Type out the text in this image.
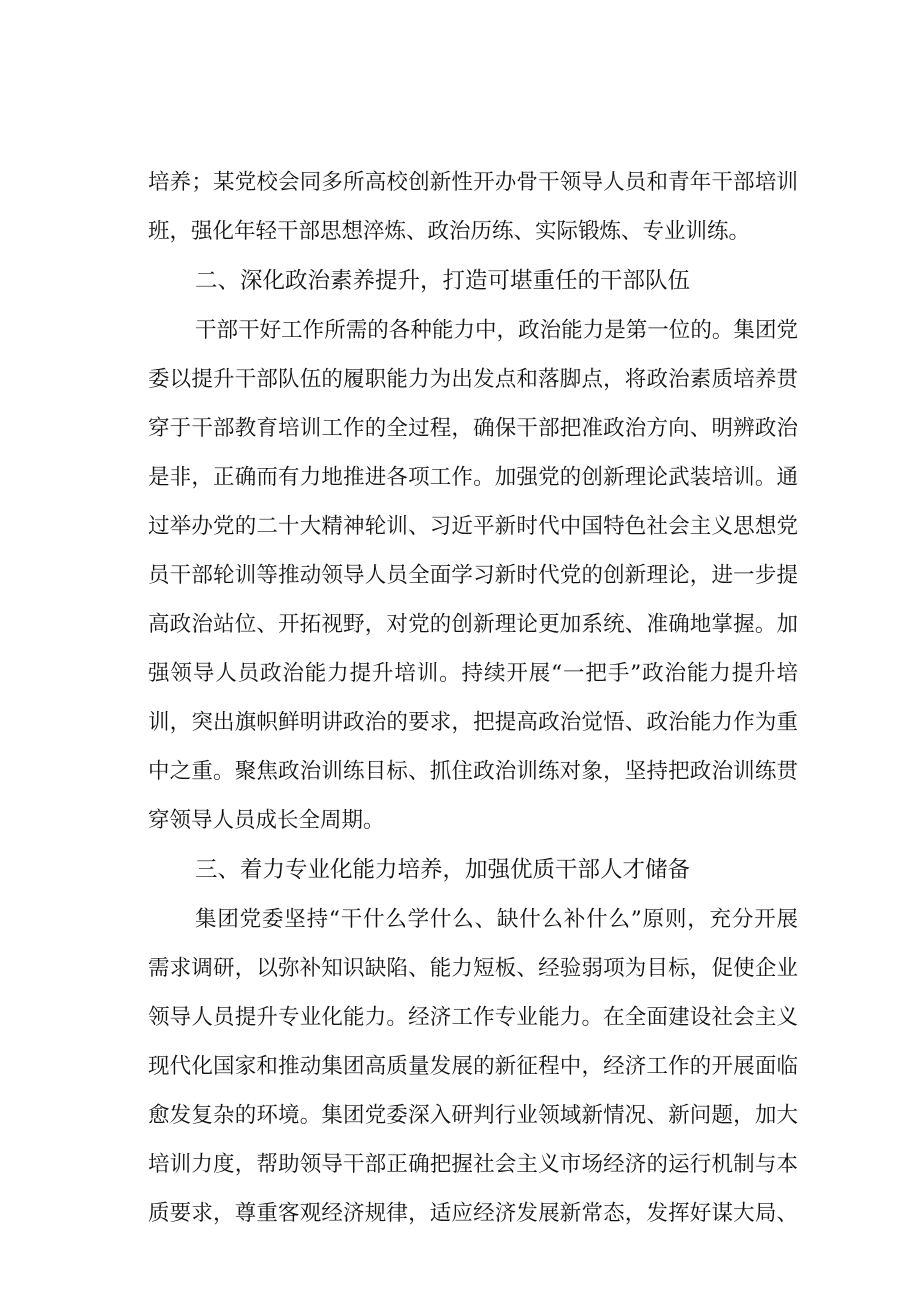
培养；某党校会同多所高校创新性开办骨干领导人员和青年干部培训
班，强化年轻干部思想淬炼、政治历练、实际锻炼、专业训练。
二、深化政治素养提升，打造可堪重任的干部队伍
干部干好工作所需的各种能力中，政治能力是第一位的。集团党
委以提升干部队伍的履职能力为出发点和落脚点，将政治素质培养贯
穿于干部教育培训工作的全过程，确保干部把准政治方向、明辨政治
是非，正确而有力地推进各项工作。加强党的创新理论武装培训。通
过举办党的二十大精神轮训、习近平新时代中国特色社会主义思想党
员干部轮训等推动领导人员全面学习新时代党的创新理论，进一步提
高政治站位、开拓视野，对党的创新理论更加系统、准确地掌握。加
强领导人员政治能力提升培训。持续开展“一把手”政治能力提升培
训，突出旗帜鲜明讲政治的要求，把提高政治觉悟、政治能力作为重
中之重。聚焦政治训练目标、抓住政治训练对象，坚持把政治训练贯
穿领导人员成长全周期。
三、着力专业化能力培养，加强优质干部人才储备
集团党委坚持“干什么学什么、缺什么补什么”原则，充分开展
需求调研，以弥补知识缺陷、能力短板、经验弱项为目标，促使企业
领导人员提升专业化能力。经济工作专业能力。在全面建设社会主义
现代化国家和推动集团高质量发展的新征程中，经济工作的开展面临
愈发复杂的环境。集团党委深入研判行业领域新情况、新问题，加大
培训力度，帮助领导干部正确把握社会主义市场经济的运行机制与本
质要求，尊重客观经济规律，适应经济发展新常态，发挥好谋大局、
